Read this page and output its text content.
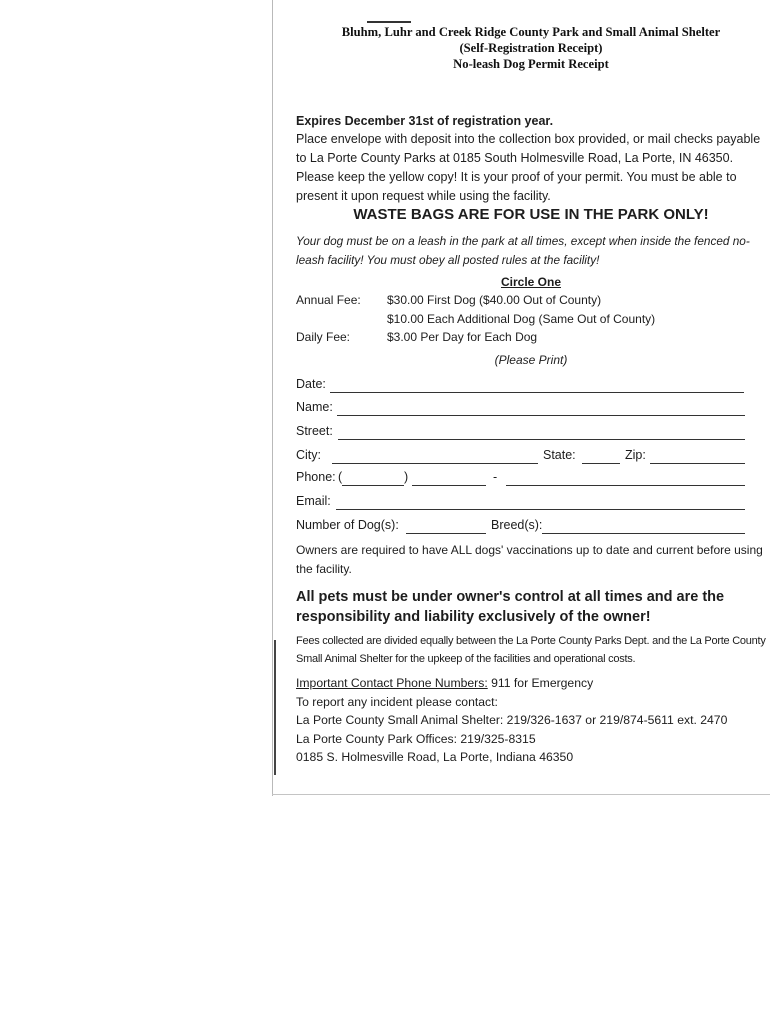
Bluhm, Luhr and Creek Ridge County Park and Small Animal Shelter
(Self-Registration Receipt)
No-leash Dog Permit Receipt
Expires December 31st of registration year.
Place envelope with deposit into the collection box provided, or mail checks payable to La Porte County Parks at 0185 South Holmesville Road, La Porte, IN 46350. Please keep the yellow copy! It is your proof of your permit. You must be able to present it upon request while using the facility.
WASTE BAGS ARE FOR USE IN THE PARK ONLY!
Your dog must be on a leash in the park at all times, except when inside the fenced no-leash facility! You must obey all posted rules at the facility!
Circle One
Annual Fee:	$30.00 First Dog ($40.00 Out of County)
$10.00 Each Additional Dog (Same Out of County)
Daily Fee:	$3.00 Per Day for Each Dog
(Please Print)
Date:
Name:
Street:
City:	State:	Zip:
Phone: (	)	-
Email:
Number of Dog(s):	Breed(s):
Owners are required to have ALL dogs' vaccinations up to date and current before using the facility.
All pets must be under owner's control at all times and are the responsibility and liability exclusively of the owner!
Fees collected are divided equally between the La Porte County Parks Dept. and the La Porte County Small Animal Shelter for the upkeep of the facilities and operational costs.
Important Contact Phone Numbers: 911 for Emergency
To report any incident please contact:
La Porte County Small Animal Shelter: 219/326-1637 or 219/874-5611 ext. 2470
La Porte County Park Offices: 219/325-8315
0185 S. Holmesville Road, La Porte, Indiana 46350
